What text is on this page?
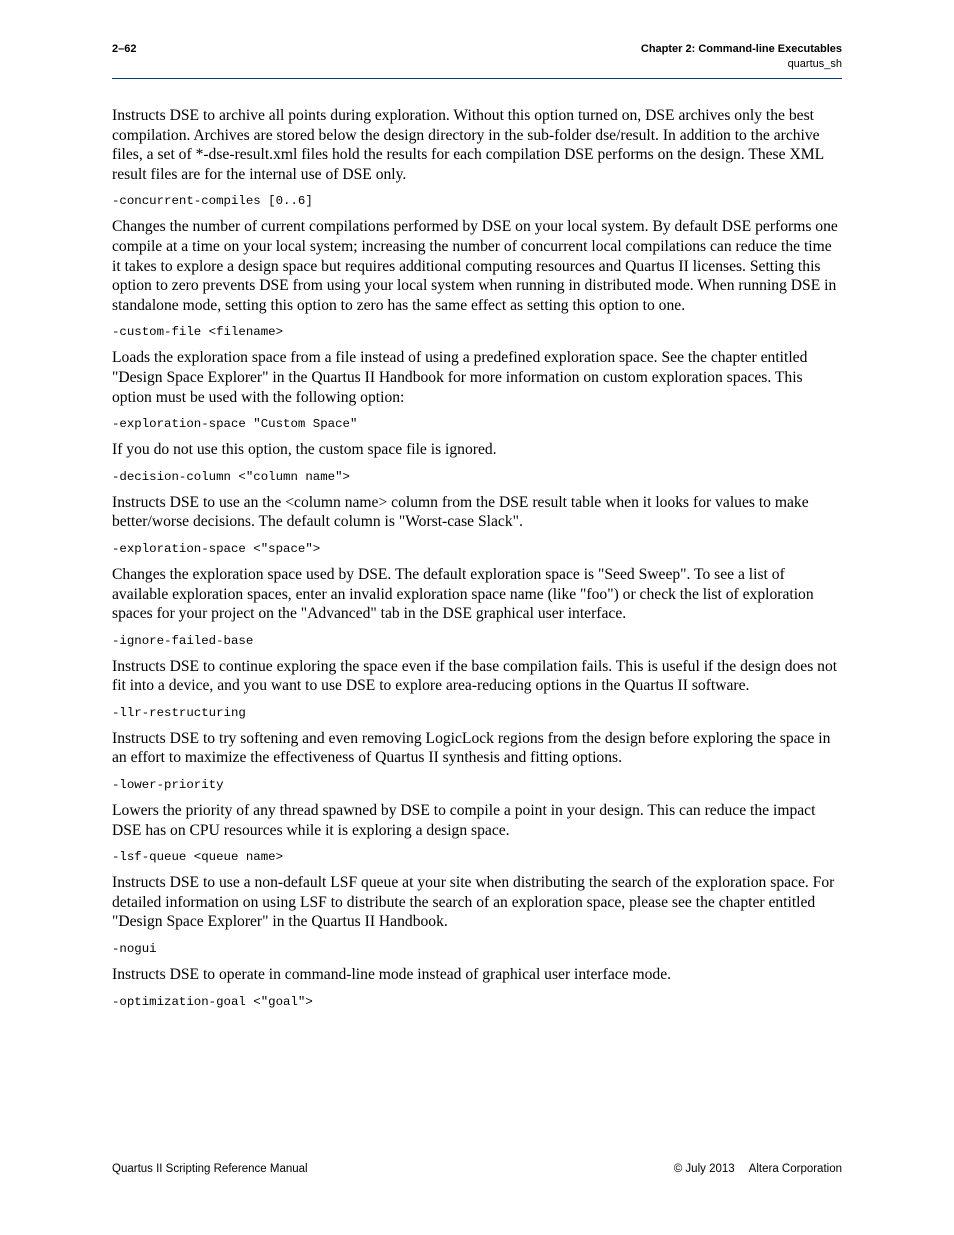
2–62	Chapter 2: Command-line Executables
quartus_sh

Instructs DSE to archive all points during exploration. Without this option turned on, DSE archives only the best compilation. Archives are stored below the design directory in the sub-folder dse/result. In addition to the archive files, a set of *-dse-result.xml files hold the results for each compilation DSE performs on the design. These XML result files are for the internal use of DSE only.

-concurrent-compiles [0..6]

Changes the number of current compilations performed by DSE on your local system. By default DSE performs one compile at a time on your local system; increasing the number of concurrent local compilations can reduce the time it takes to explore a design space but requires additional computing resources and Quartus II licenses. Setting this option to zero prevents DSE from using your local system when running in distributed mode. When running DSE in standalone mode, setting this option to zero has the same effect as setting this option to one.

-custom-file <filename>

Loads the exploration space from a file instead of using a predefined exploration space. See the chapter entitled "Design Space Explorer" in the Quartus II Handbook for more information on custom exploration spaces. This option must be used with the following option:

-exploration-space "Custom Space"

If you do not use this option, the custom space file is ignored.

-decision-column <"column name">

Instructs DSE to use an the <column name> column from the DSE result table when it looks for values to make better/worse decisions. The default column is "Worst-case Slack".

-exploration-space <"space">

Changes the exploration space used by DSE. The default exploration space is "Seed Sweep". To see a list of available exploration spaces, enter an invalid exploration space name (like "foo") or check the list of exploration spaces for your project on the "Advanced" tab in the DSE graphical user interface.

-ignore-failed-base

Instructs DSE to continue exploring the space even if the base compilation fails. This is useful if the design does not fit into a device, and you want to use DSE to explore area-reducing options in the Quartus II software.

-llr-restructuring

Instructs DSE to try softening and even removing LogicLock regions from the design before exploring the space in an effort to maximize the effectiveness of Quartus II synthesis and fitting options.

-lower-priority

Lowers the priority of any thread spawned by DSE to compile a point in your design. This can reduce the impact DSE has on CPU resources while it is exploring a design space.

-lsf-queue <queue name>

Instructs DSE to use a non-default LSF queue at your site when distributing the search of the exploration space. For detailed information on using LSF to distribute the search of an exploration space, please see the chapter entitled "Design Space Explorer" in the Quartus II Handbook.

-nogui

Instructs DSE to operate in command-line mode instead of graphical user interface mode.

-optimization-goal <"goal">
Quartus II Scripting Reference Manual	© July 2013 Altera Corporation
